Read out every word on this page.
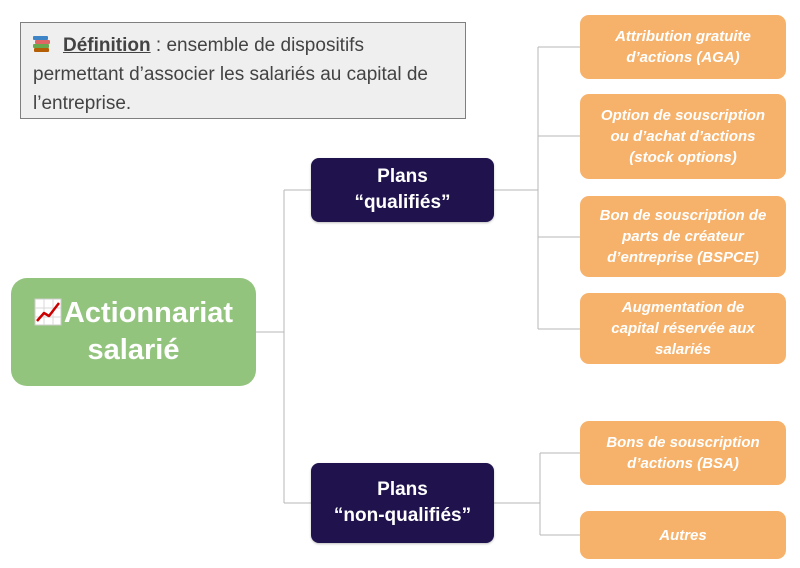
Définition : ensemble de dispositifs permettant d’associer les salariés au capital de l’entreprise.
Actionnariat
salarié
Plans
“qualifiés”
Plans
“non-qualifiés”
Attribution gratuite
d’actions (AGA)
Option de souscription
ou d’achat d’actions
(stock options)
Bon de souscription de
parts de créateur
d’entreprise (BSPCE)
Augmentation de
capital réservée aux
salariés
Bons de souscription
d’actions (BSA)
Autres
